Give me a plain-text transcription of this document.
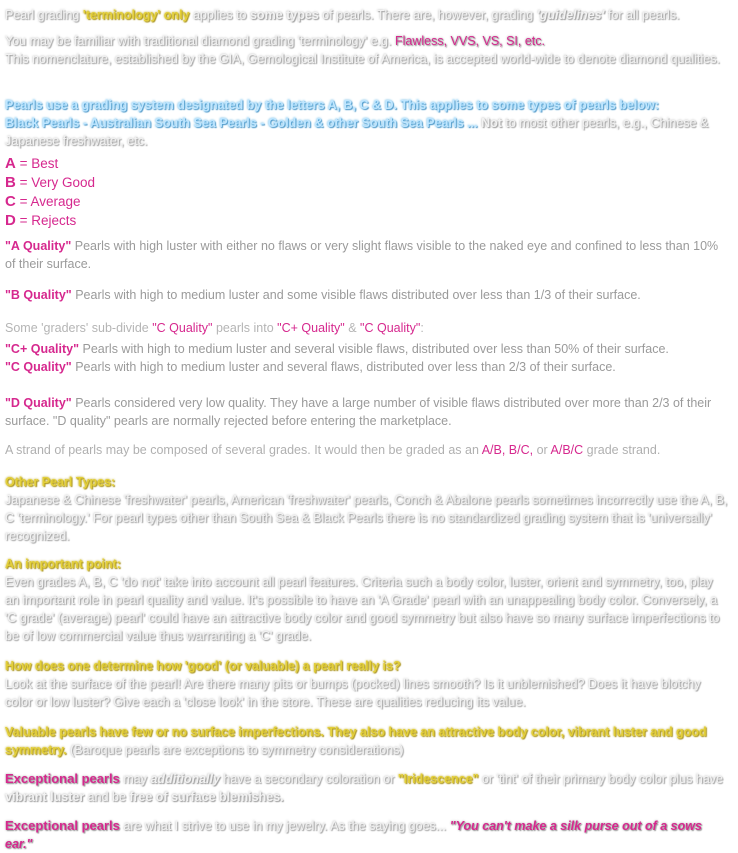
Pearl grading 'terminology' only applies to some types of pearls. There are, however, grading 'guidelines' for all pearls.

You may be familiar with traditional diamond grading 'terminology' e.g. Flawless, VVS, VS, SI, etc.
This nomenclature, established by the GIA, Gemological Institute of America, is accepted world-wide to denote diamond qualities.

Pearls use a grading system designated by the letters A, B, C & D. This applies to some types of pearls below:
Black Pearls - Australian South Sea Pearls - Golden & other South Sea Pearls ... Not to most other pearls, e.g., Chinese & Japanese freshwater, etc.

A = Best
B = Very Good
C = Average
D = Rejects

"A Quality" Pearls with high luster with either no flaws or very slight flaws visible to the naked eye and confined to less than 10% of their surface.

"B Quality" Pearls with high to medium luster and some visible flaws distributed over less than 1/3 of their surface.

Some 'graders' sub-divide "C Quality" pearls into "C+ Quality" & "C Quality":

"C+ Quality" Pearls with high to medium luster and several visible flaws, distributed over less than 50% of their surface.

"C Quality" Pearls with high to medium luster and several flaws, distributed over less than 2/3 of their surface.

"D Quality" Pearls considered very low quality. They have a large number of visible flaws distributed over more than 2/3 of their surface. "D quality" pearls are normally rejected before entering the marketplace.

A strand of pearls may be composed of several grades. It would then be graded as an A/B, B/C, or A/B/C grade strand.

Other Pearl Types:
Japanese & Chinese 'freshwater' pearls, American 'freshwater' pearls, Conch & Abalone pearls sometimes incorrectly use the A, B, C 'terminology.' For pearl types other than South Sea & Black Pearls there is no standardized grading system that is 'universally' recognized.

An important point:
Even grades A, B, C 'do not' take into account all pearl features. Criteria such a body color, luster, orient and symmetry, too, play an important role in pearl quality and value. It's possible to have an 'A Grade' pearl with an unappealing body color. Conversely, a 'C grade' (average) pearl' could have an attractive body color and good symmetry but also have so many surface imperfections to be of low commercial value thus warranting a 'C' grade.

How does one determine how 'good' (or valuable) a pearl really is?
Look at the surface of the pearl! Are there many pits or bumps (pocked) lines smooth? Is it unblemished? Does it have blotchy color or low luster? Give each a 'close look' in the store. These are qualities reducing its value.

Valuable pearls have few or no surface imperfections. They also have an attractive body color, vibrant luster and good symmetry. (Baroque pearls are exceptions to symmetry considerations)

Exceptional pearls may additionally have a secondary coloration or "Iridescence" or 'tint' of their primary body color plus have
vibrant luster and be free of surface blemishes.

Exceptional pearls are what I strive to use in my jewelry. As the saying goes... "You can't make a silk purse out of a sows ear."
